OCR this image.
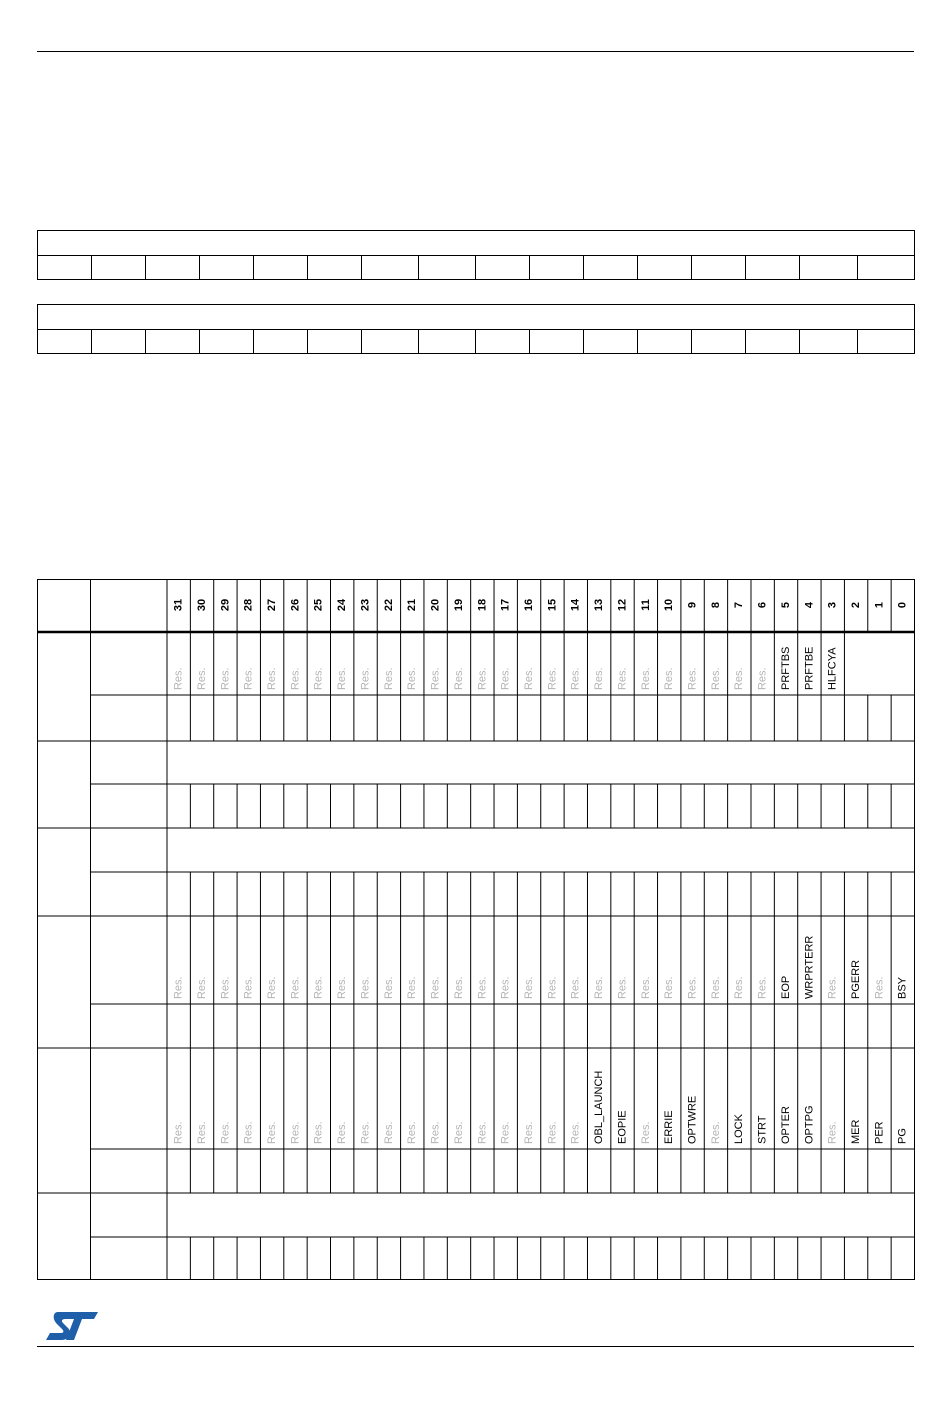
31 30 29 28 27 26 25 24 23 22 21 20 19 18 17 16 15 14 13 12 11 10 9 8 7 6 5 4 3 2 1 0
Res. Res. Res. Res. Res. Res. Res. Res. Res. Res. Res. Res. Res. Res. Res. Res. Res. Res. Res. Res. Res. Res. Res. Res. Res. Res. PRFTBS PRFTBE HLFCYA
Res. Res. Res. Res. Res. Res. Res. Res. Res. Res. Res. Res. Res. Res. Res. Res. Res. Res. Res. Res. Res. Res. Res. Res. Res. Res. EOP WRPRTERR Res. PGERR Res. BSY
Res. Res. Res. Res. Res. Res. Res. Res. Res. Res. Res. Res. Res. Res. Res. Res. Res. Res. OBL_LAUNCH EOPIE Res. ERRIE OPTWRE Res. LOCK STRT OPTER OPTPG Res. MER PER PG
